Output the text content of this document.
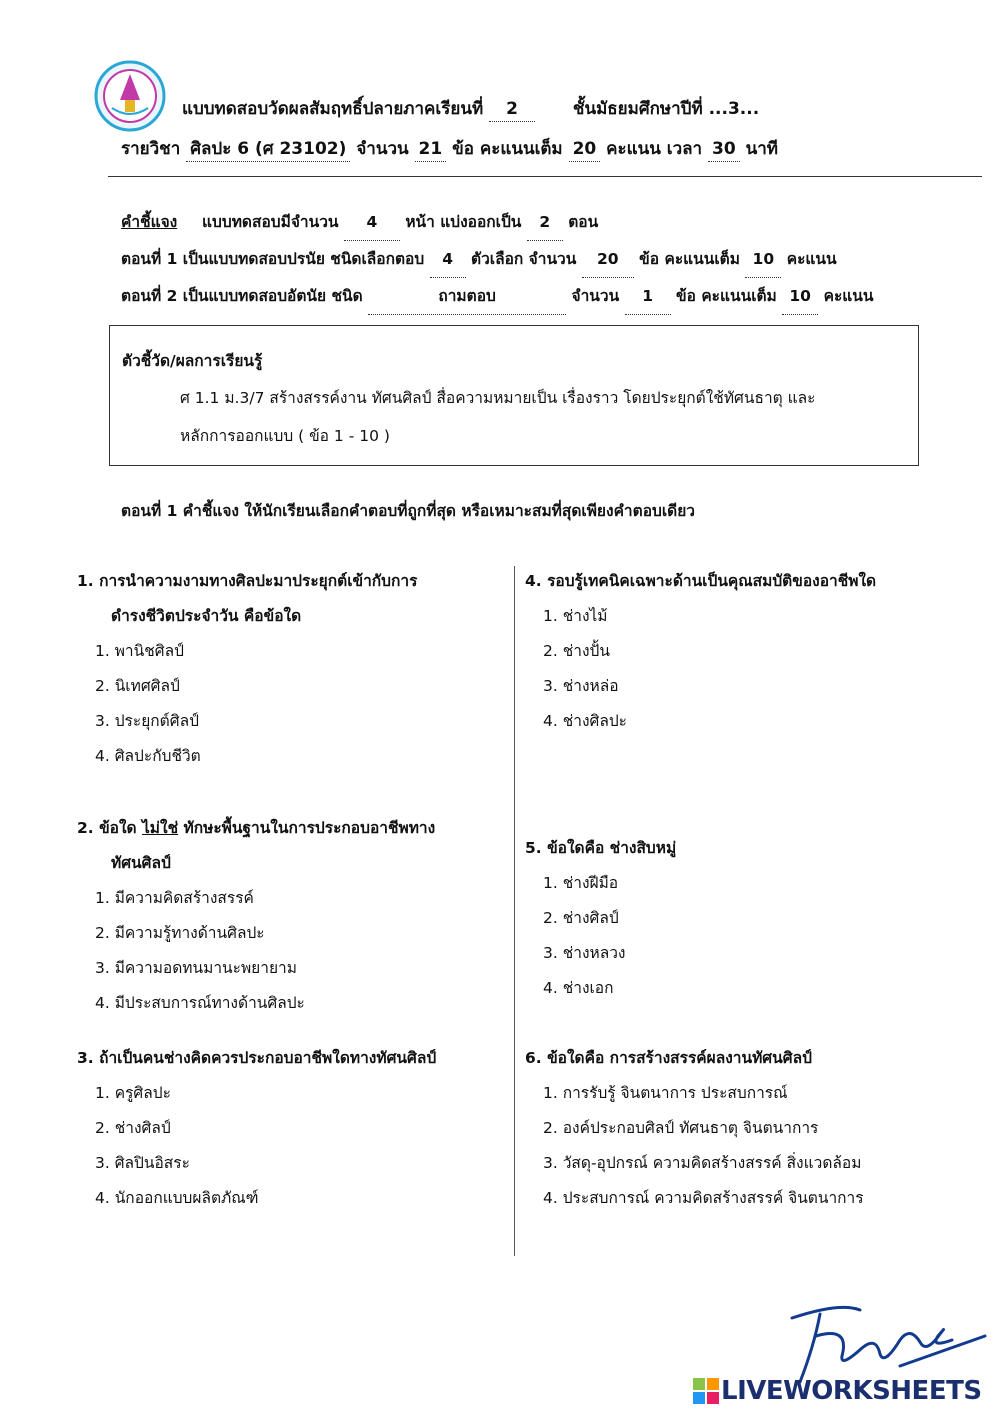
แบบทดสอบวัดผลสัมฤทธิ์ปลายภาคเรียนที่ 2	ชั้นมัธยมศึกษาปีที่ ...3...
รายวิชา ศิลปะ 6 (ศ 23102) จำนวน 21 ข้อ คะแนนเต็ม 20 คะแนน เวลา 30 นาที
คำชี้แจง แบบทดสอบมีจำนวน 4 หน้า แบ่งออกเป็น 2 ตอน
ตอนที่ 1 เป็นแบบทดสอบปรนัย ชนิดเลือกตอบ 4 ตัวเลือก จำนวน 20 ข้อ คะแนนเต็ม 10 คะแนน
ตอนที่ 2 เป็นแบบทดสอบอัตนัย ชนิด	ถามตอบ	จำนวน 1 ข้อ คะแนนเต็ม 10 คะแนน
ตัวชี้วัด/ผลการเรียนรู้
ศ 1.1 ม.3/7 สร้างสรรค์งาน ทัศนศิลป์ สื่อความหมายเป็น เรื่องราว โดยประยุกต์ใช้ทัศนธาตุ และ
หลักการออกแบบ ( ข้อ 1 - 10 )
ตอนที่ 1 คำชี้แจง ให้นักเรียนเลือกคำตอบที่ถูกที่สุด หรือเหมาะสมที่สุดเพียงคำตอบเดียว
1. การนำความงามทางศิลปะมาประยุกต์เข้ากับการ
ดำรงชีวิตประจำวัน คือข้อใด
1. พานิชศิลป์
2. นิเทศศิลป์
3. ประยุกต์ศิลป์
4. ศิลปะกับชีวิต
2. ข้อใด ไม่ใช่ ทักษะพื้นฐานในการประกอบอาชีพทาง
ทัศนศิลป์
1. มีความคิดสร้างสรรค์
2. มีความรู้ทางด้านศิลปะ
3. มีความอดทนมานะพยายาม
4. มีประสบการณ์ทางด้านศิลปะ
3. ถ้าเป็นคนช่างคิดควรประกอบอาชีพใดทางทัศนศิลป์
1. ครูศิลปะ
2. ช่างศิลป์
3. ศิลปินอิสระ
4. นักออกแบบผลิตภัณฑ์
4. รอบรู้เทคนิคเฉพาะด้านเป็นคุณสมบัติของอาชีพใด
1. ช่างไม้
2. ช่างปั้น
3. ช่างหล่อ
4. ช่างศิลปะ
5. ข้อใดคือ ช่างสิบหมู่
1. ช่างฝีมือ
2. ช่างศิลป์
3. ช่างหลวง
4. ช่างเอก
6. ข้อใดคือ การสร้างสรรค์ผลงานทัศนศิลป์
1. การรับรู้ จินตนาการ ประสบการณ์
2. องค์ประกอบศิลป์ ทัศนธาตุ จินตนาการ
3. วัสดุ-อุปกรณ์ ความคิดสร้างสรรค์ สิ่งแวดล้อม
4. ประสบการณ์ ความคิดสร้างสรรค์ จินตนาการ
LIVEWORKSHEETS
